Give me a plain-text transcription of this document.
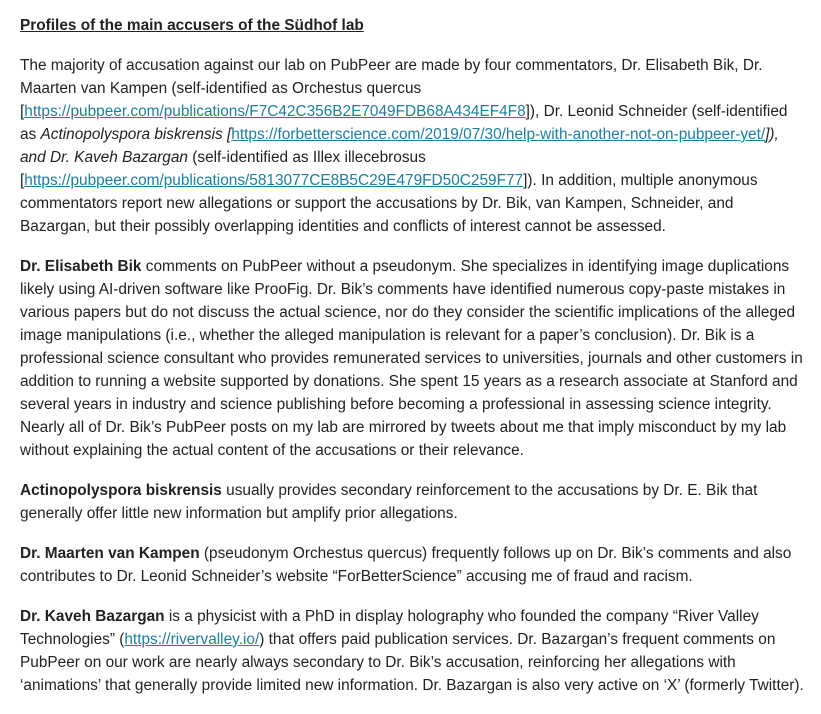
Profiles of the main accusers of the Südhof lab

The majority of accusation against our lab on PubPeer are made by four commentators, Dr. Elisabeth Bik, Dr. Maarten van Kampen (self-identified as Orchestus quercus [https://pubpeer.com/publications/F7C42C356B2E7049FDB68A434EF4F8]), Dr. Leonid Schneider (self-identified as Actinopolyspora biskrensis [https://forbetterscience.com/2019/07/30/help-with-another-not-on-pubpeer-yet/]), and Dr. Kaveh Bazargan (self-identified as Illex illecebrosus [https://pubpeer.com/publications/5813077CE8B5C29E479FD50C259F77]). In addition, multiple anonymous commentators report new allegations or support the accusations by Dr. Bik, van Kampen, Schneider, and Bazargan, but their possibly overlapping identities and conflicts of interest cannot be assessed.

Dr. Elisabeth Bik comments on PubPeer without a pseudonym. She specializes in identifying image duplications likely using AI-driven software like ProoFig. Dr. Bik’s comments have identified numerous copy-paste mistakes in various papers but do not discuss the actual science, nor do they consider the scientific implications of the alleged image manipulations (i.e., whether the alleged manipulation is relevant for a paper’s conclusion). Dr. Bik is a professional science consultant who provides remunerated services to universities, journals and other customers in addition to running a website supported by donations. She spent 15 years as a research associate at Stanford and several years in industry and science publishing before becoming a professional in assessing science integrity. Nearly all of Dr. Bik’s PubPeer posts on my lab are mirrored by tweets about me that imply misconduct by my lab without explaining the actual content of the accusations or their relevance.

Actinopolyspora biskrensis usually provides secondary reinforcement to the accusations by Dr. E. Bik that generally offer little new information but amplify prior allegations.

Dr. Maarten van Kampen (pseudonym Orchestus quercus) frequently follows up on Dr. Bik’s comments and also contributes to Dr. Leonid Schneider’s website “ForBetterScience” accusing me of fraud and racism.

Dr. Kaveh Bazargan is a physicist with a PhD in display holography who founded the company “River Valley Technologies” (https://rivervalley.io/) that offers paid publication services. Dr. Bazargan’s frequent comments on PubPeer on our work are nearly always secondary to Dr. Bik’s accusation, reinforcing her allegations with ‘animations’ that generally provide limited new information. Dr. Bazargan is also very active on ‘X’ (formerly Twitter).
